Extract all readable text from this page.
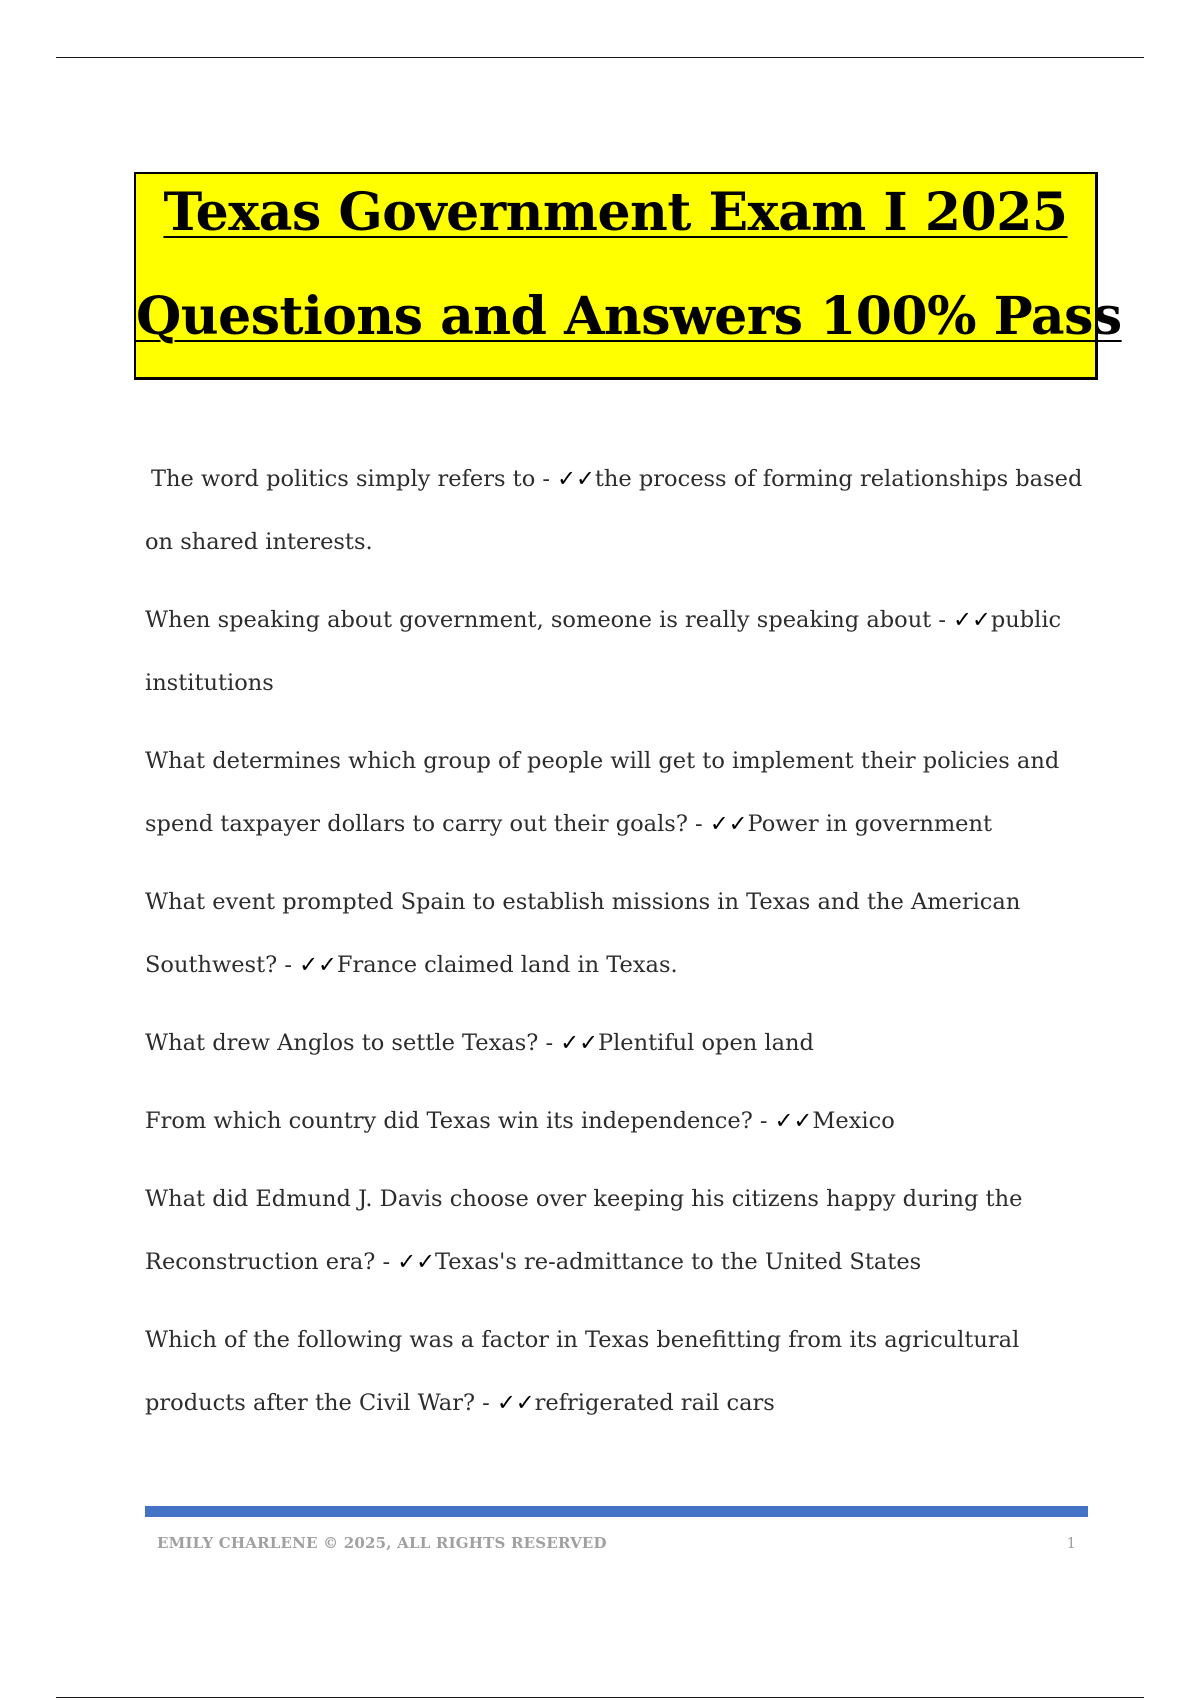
Texas Government Exam I 2025
Questions and Answers 100% Pass

The word politics simply refers to - ✓✓the process of forming relationships based on shared interests.

When speaking about government, someone is really speaking about - ✓✓public institutions

What determines which group of people will get to implement their policies and spend taxpayer dollars to carry out their goals? - ✓✓Power in government

What event prompted Spain to establish missions in Texas and the American Southwest? - ✓✓France claimed land in Texas.

What drew Anglos to settle Texas? - ✓✓Plentiful open land

From which country did Texas win its independence? - ✓✓Mexico

What did Edmund J. Davis choose over keeping his citizens happy during the Reconstruction era? - ✓✓Texas's re-admittance to the United States

Which of the following was a factor in Texas benefitting from its agricultural products after the Civil War? - ✓✓refrigerated rail cars

EMILY CHARLENE © 2025, ALL RIGHTS RESERVED	1
